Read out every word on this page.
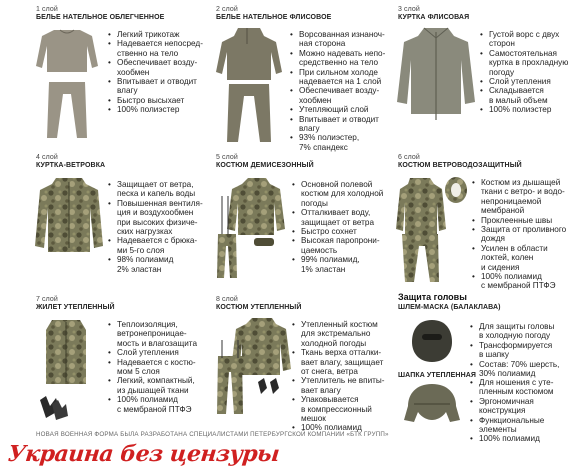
1 слой
БЕЛЬЕ НАТЕЛЬНОЕ ОБЛЕГЧЕННОЕ
• Легкий трикотаж
• Надевается непосред-
ственно на тело
• Обеспечивает возду-
хообмен
• Впитывает и отводит
влагу
• Быстро высыхает
• 100% полиэстер
2 слой
БЕЛЬЕ НАТЕЛЬНОЕ ФЛИСОВОЕ
• Ворсованная изнаноч-
ная сторона
• Можно надевать непо-
средственно на тело
• При сильном холоде
надевается на 1 слой
• Обеспечивает возду-
хообмен
• Утепляющий слой
• Впитывает и отводит
влагу
• 93% полиэстер,
7% спандекс
3 слой
КУРТКА ФЛИСОВАЯ
• Густой ворс с двух
сторон
• Самостоятельная
куртка в прохладную
погоду
• Слой утепления
• Складывается
в малый объем
• 100% полиэстер
4 слой
КУРТКА-ВЕТРОВКА
• Защищает от ветра,
песка и капель воды
• Повышенная вентиля-
ция и воздухообмен
при высоких физиче-
ских нагрузках
• Надевается с брюка-
ми 5-го слоя
• 98% полиамид
2% эластан
5 слой
КОСТЮМ ДЕМИСЕЗОННЫЙ
• Основной полевой
костюм для холодной
погоды
• Отталкивает воду,
защищает от ветра
• Быстро сохнет
• Высокая паропрони-
цаемость
• 99% полиамид,
1% эластан
6 слой
КОСТЮМ ВЕТРОВОДОЗАЩИТНЫЙ
• Костюм из дышащей
ткани с ветро- и водо-
непроницаемой
мембраной
• Проклеенные швы
• Защита от проливного
дождя
• Усилен в области
локтей, колен
и сидения
• 100% полиамид
с мембраной ПТФЭ
7 слой
ЖИЛЕТ УТЕПЛЕННЫЙ
• Теплоизоляция,
ветронепроницае-
мость и влагозащита
• Слой утепления
• Надевается с костю-
мом 5 слоя
• Легкий, компактный,
из дышащей ткани
• 100% полиамид
с мембраной ПТФЭ
8 слой
КОСТЮМ УТЕПЛЕННЫЙ
• Утепленный костюм
для экстремально
холодной погоды
• Ткань верха отталки-
вает влагу, защищает
от снега, ветра
• Утеплитель не впиты-
вает влагу
• Упаковывается
в компрессионный
мешок
• 100% полиамид
Защита головы
ШЛЕМ-МАСКА (БАЛАКЛАВА)
• Для защиты головы
в холодную погоду
• Трансформируется
в шапку
• Состав: 70% шерсть,
30% полиамид
ШАПКА УТЕПЛЕННАЯ
• Для ношения с уте-
пленным костюмом
• Эргономичная
конструкция
• Функциональные
элементы
• 100% полиамид
НОВАЯ ВОЕННАЯ ФОРМА БЫЛА РАЗРАБОТАНА СПЕЦИАЛИСТАМИ ПЕТЕРБУРГСКОЙ КОМПАНИИ «БТК ГРУПП»
Украина без цензуры
